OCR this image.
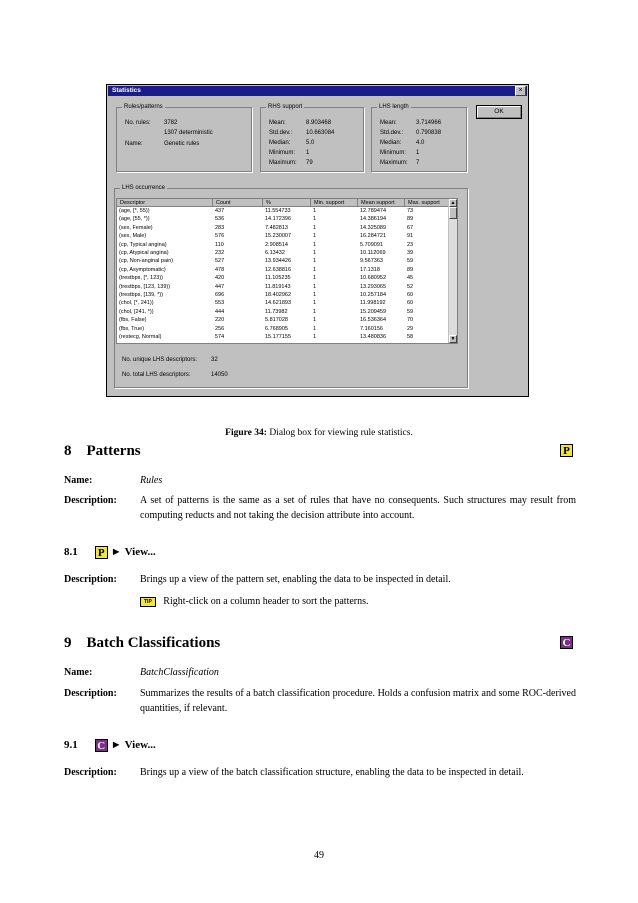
Statistics	×
Rules/patterns
No. rules: 3782
1307 deterministic
Name:	Genetic rules
RHS support
Mean:	8.903468
Std.dev.: 10.663084
Median:	5.0
Minimum: 1
Maximum: 79
LHS length
Mean:	3.714966
Std.dev.: 0.790838
Median: 4.0
Minimum: 1
Maximum: 7
OK
LHS occurrence
Descriptor	Count	%	Min. support	Mean support	Max. support
(age, [*, 55))	437	11.554733	1	12.789474	73
(age, [55, *))	536	14.172396	1	14.386194	89
(sex, Female)	283	7.482813	1	14.325089	67
(sex, Male)	576	15.230007	1	16.284721	91
(cp, Typical angina)	110	2.908514	1	5.709091	23
(cp, Atypical angina)	232	6.13432	1	10.112069	39
(cp, Non-anginal pain)	527	13.934426	1	9.567363	59
(cp, Asymptomatic)	478	12.638816	1	17.1318	89
(trestbps, [*, 123))	420	11.105235	1	10.680952	45
(trestbps, [123, 139))	447	11.819143	1	13.293065	52
(trestbps, [139, *))	696	18.402962	1	10.257184	60
(chol, [*, 241))	553	14.621893	1	11.998192	60
(chol, [241, *))	444	11.73982	1	15.209459	59
(fbs, False)	220	5.817028	1	16.536364	70
(fbs, True)	256	6.768905	1	7.160156	29
(restecg, Normal)	574	15.177155	1	13.480836	58
▲
▼
No. unique LHS descriptors: 32
No. total LHS descriptors:	14050
Figure 34: Dialog box for viewing rule statistics.
8 Patterns	P
Name:	Rules
Description: A set of patterns is the same as a set of rules that have no consequents. Such structures may result from computing reducts and not taking the decision attribute into account.
8.1
P ► View...
Description: Brings up a view of the pattern set, enabling the data to be inspected in detail.
TIP Right-click on a column header to sort the patterns.
9 Batch Classifications	C
Name:	BatchClassification
Description: Summarizes the results of a batch classification procedure. Holds a confusion matrix and some ROC-derived quantities, if relevant.
9.1
C ► View...
Description: Brings up a view of the batch classification structure, enabling the data to be inspected in detail.
49
